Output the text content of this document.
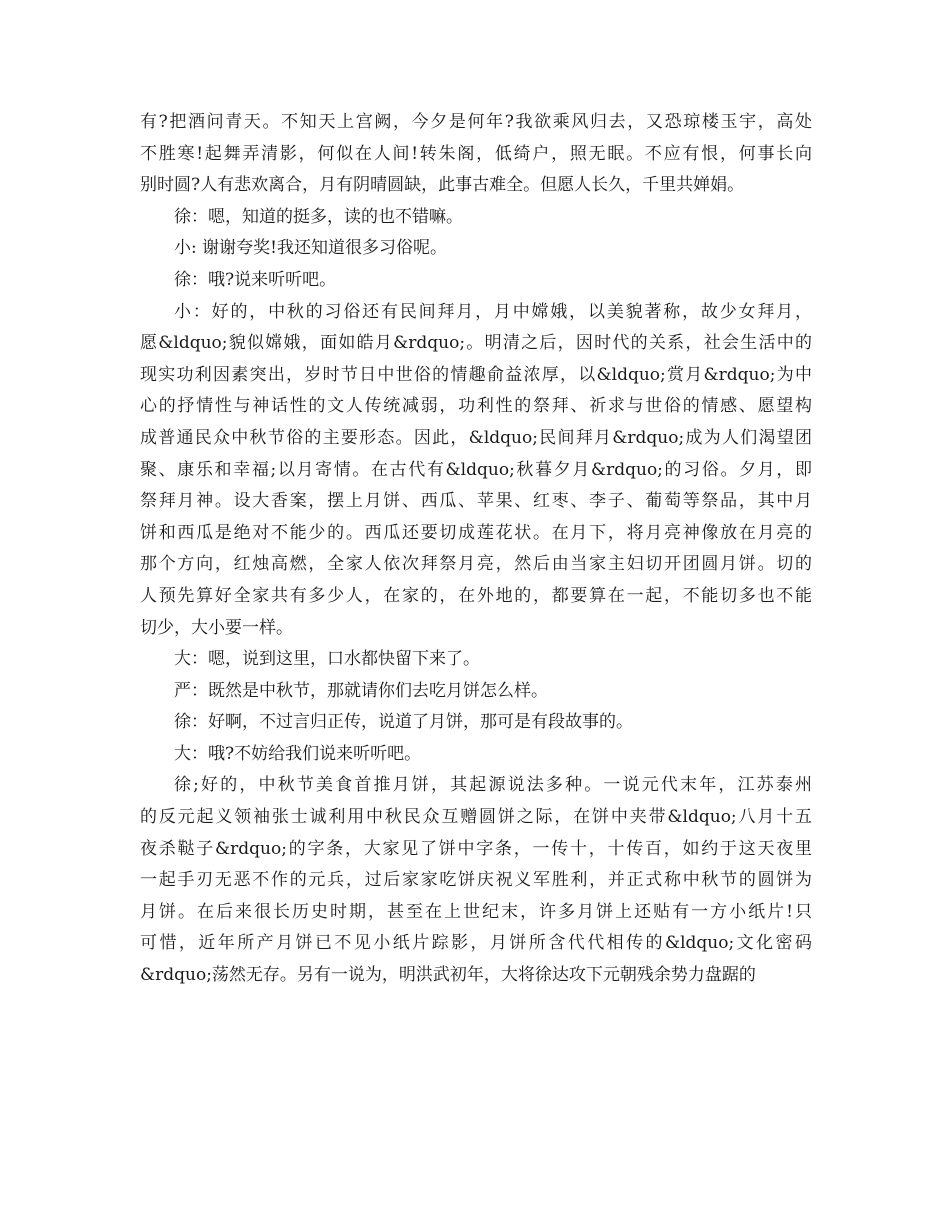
有?把酒问青天。不知天上宫阙，今夕是何年?我欲乘风归去，又恐琼楼玉宇，高处
不胜寒!起舞弄清影，何似在人间!转朱阁，低绮户，照无眠。不应有恨，何事长向
别时圆?人有悲欢离合，月有阴晴圆缺，此事古难全。但愿人长久，千里共婵娟。
徐：嗯，知道的挺多，读的也不错嘛。
小: 谢谢夸奖!我还知道很多习俗呢。
徐：哦?说来听听吧。
小：好的，中秋的习俗还有民间拜月，月中嫦娥，以美貌著称，故少女拜月，
愿&ldquo;貌似嫦娥，面如皓月&rdquo;。明清之后，因时代的关系，社会生活中的
现实功利因素突出，岁时节日中世俗的情趣俞益浓厚，以&ldquo;赏月&rdquo;为中
心的抒情性与神话性的文人传统减弱，功利性的祭拜、祈求与世俗的情感、愿望构
成普通民众中秋节俗的主要形态。因此，&ldquo;民间拜月&rdquo;成为人们渴望团
聚、康乐和幸福;以月寄情。在古代有&ldquo;秋暮夕月&rdquo;的习俗。夕月，即
祭拜月神。设大香案，摆上月饼、西瓜、苹果、红枣、李子、葡萄等祭品，其中月
饼和西瓜是绝对不能少的。西瓜还要切成莲花状。在月下，将月亮神像放在月亮的
那个方向，红烛高燃，全家人依次拜祭月亮，然后由当家主妇切开团圆月饼。切的
人预先算好全家共有多少人，在家的，在外地的，都要算在一起，不能切多也不能
切少，大小要一样。
大：嗯，说到这里，口水都快留下来了。
严：既然是中秋节，那就请你们去吃月饼怎么样。
徐：好啊，不过言归正传，说道了月饼，那可是有段故事的。
大：哦?不妨给我们说来听听吧。
徐;好的，中秋节美食首推月饼，其起源说法多种。一说元代末年，江苏泰州
的反元起义领袖张士诚利用中秋民众互赠圆饼之际，在饼中夹带&ldquo;八月十五
夜杀鞑子&rdquo;的字条，大家见了饼中字条，一传十，十传百，如约于这天夜里
一起手刃无恶不作的元兵，过后家家吃饼庆祝义军胜利，并正式称中秋节的圆饼为
月饼。在后来很长历史时期，甚至在上世纪末，许多月饼上还贴有一方小纸片!只
可惜，近年所产月饼已不见小纸片踪影，月饼所含代代相传的&ldquo;文化密码
&rdquo;荡然无存。另有一说为，明洪武初年，大将徐达攻下元朝残余势力盘踞的
